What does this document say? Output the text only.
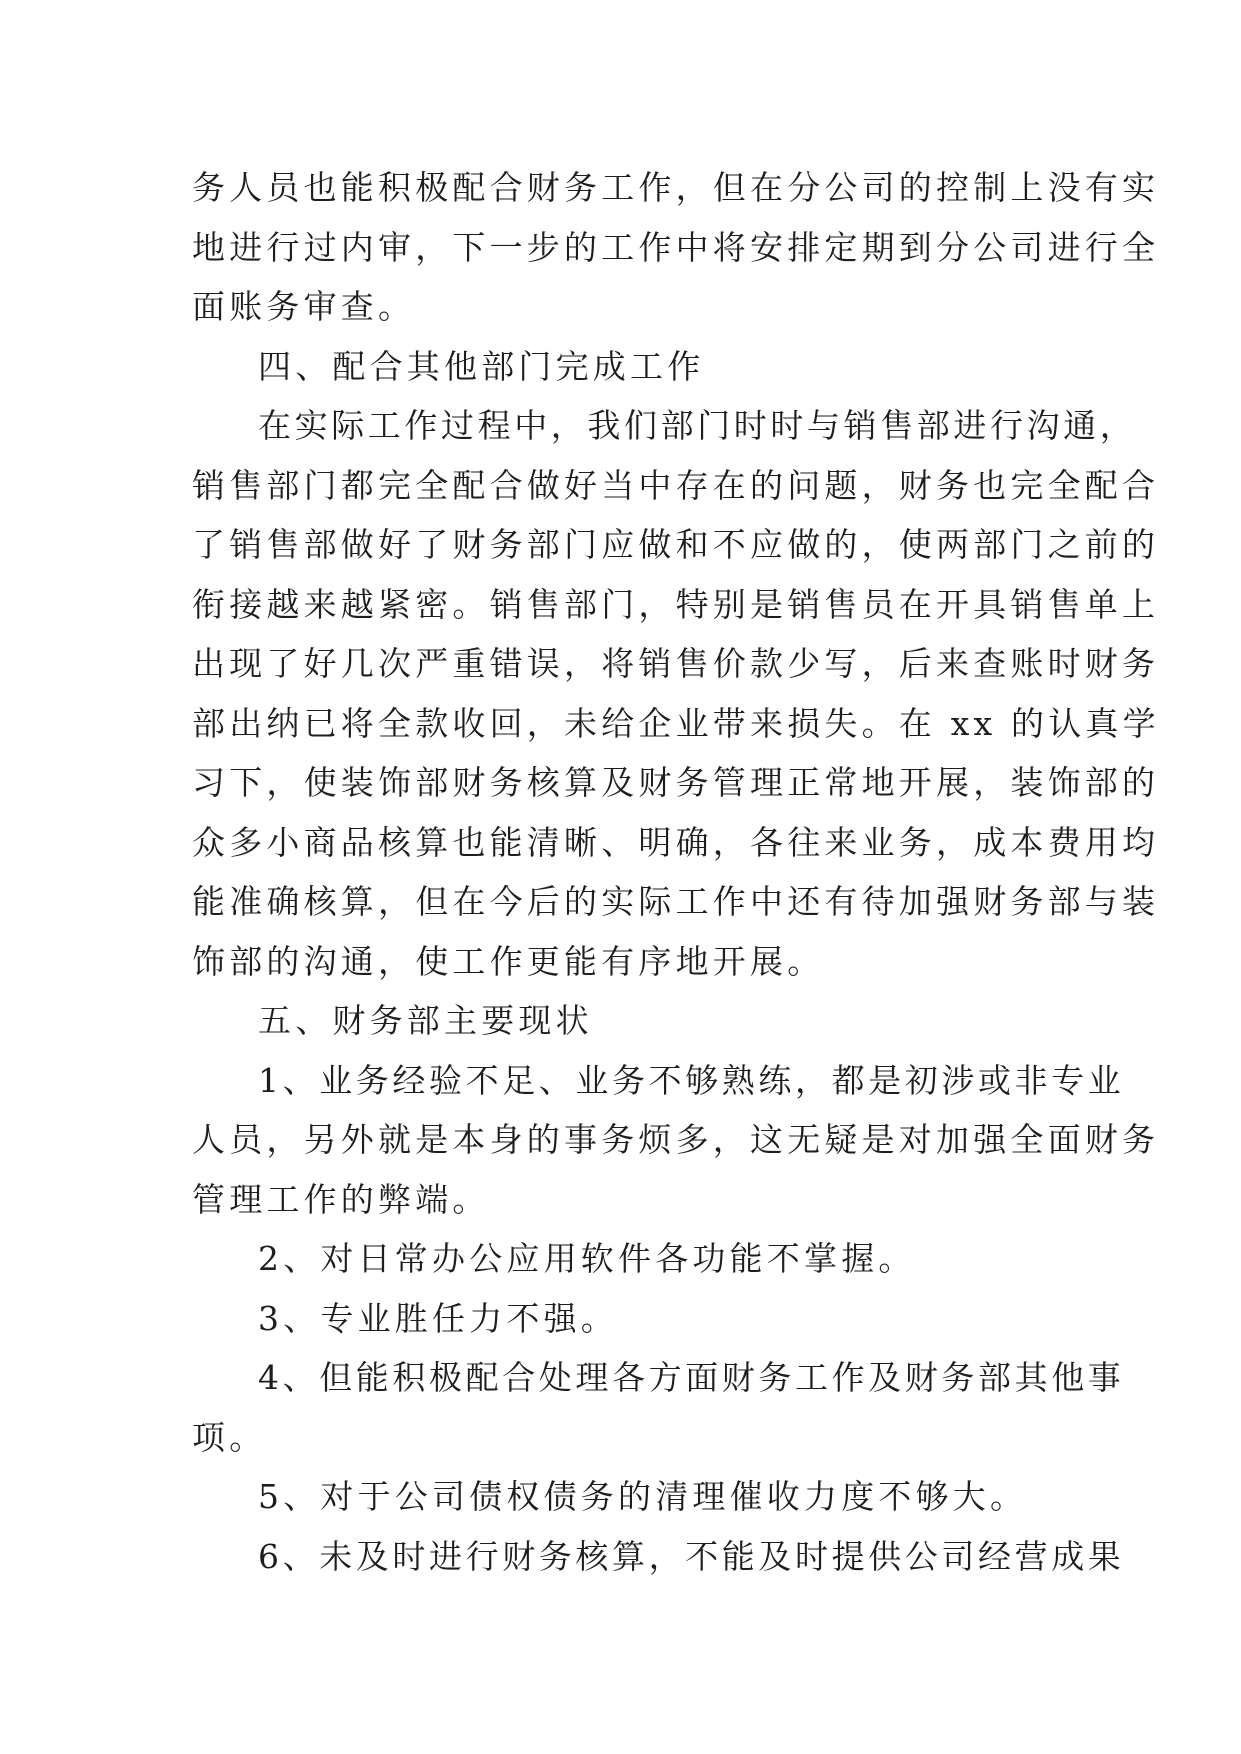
务人员也能积极配合财务工作，但在分公司的控制上没有实
地进行过内审，下一步的工作中将安排定期到分公司进行全
面账务审查。
四、配合其他部门完成工作
在实际工作过程中，我们部门时时与销售部进行沟通，
销售部门都完全配合做好当中存在的问题，财务也完全配合
了销售部做好了财务部门应做和不应做的，使两部门之前的
衔接越来越紧密。销售部门，特别是销售员在开具销售单上
出现了好几次严重错误，将销售价款少写，后来查账时财务
部出纳已将全款收回，未给企业带来损失。在 xx 的认真学
习下，使装饰部财务核算及财务管理正常地开展，装饰部的
众多小商品核算也能清晰、明确，各往来业务，成本费用均
能准确核算，但在今后的实际工作中还有待加强财务部与装
饰部的沟通，使工作更能有序地开展。
五、财务部主要现状
1、业务经验不足、业务不够熟练，都是初涉或非专业
人员，另外就是本身的事务烦多，这无疑是对加强全面财务
管理工作的弊端。
2、对日常办公应用软件各功能不掌握。
3、专业胜任力不强。
4、但能积极配合处理各方面财务工作及财务部其他事
项。
5、对于公司债权债务的清理催收力度不够大。
6、未及时进行财务核算，不能及时提供公司经营成果
